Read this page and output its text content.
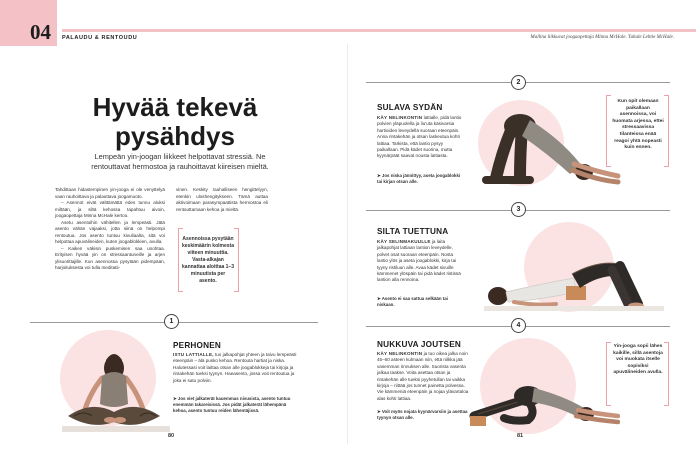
04 PALAUDU & RENTOUDU	Mallina liikkuvat joogaopettaja Minna McHale. Tuhale Lehtie McHale.
Hyvää tekevä
pysähdys
Lempeän yin-joogan liikkeet helpottavat stressiä. Ne rentouttavat hermostoa ja rauhoittavat kiireisen mieltä.

Tahdittaan hidastempinen yin-jooga ei ole venyttelyä vaan rauhoittava ja palauttava joogamuoto.

– Asennot eivät välttämättä edes tunnu aluksi miltään, ja siltä kehossa tapahtuu aivoin, joogaopettaja Minna McHale kertoo.

Asetu asentoihin vähitellen ja lempeästi. Jätä asento vähän vajaaksi, jotta siinä on helpompi rentoutua. Jos asento tuntuu kivuliaalta, sitä voi helpottaa apuvälineiden, kuten joogablokkien, avulla.

– Kaiken väkisin puskemisen saa unohtaa. Erityisen hyvää yin on stressaantuneille ja arjen ylisuorittajille. Kun asennossa pysytään pidempään, harjoituksesta voi tulla meditatii-

vinen. Keskity rauhalliseen hengittelyyn, etenkin uloshengitykseen. Tämä auttaa aktivoimaan parasympaattista hermostoa eli rentouttamaan kehoa ja mieltä.

Asennoissa pysytään keskimäärin kolmesta viiteen minuuttia. Vasta-alkajan kannattaa aloittaa 1–3 minuutista per asento.
1
PERHONEN
ISTU LATTIALLE, tuo jalkapohjat yhteen ja taivu lempeästi eteenpäin – älä pusko kehoa. Rentouta hartiat ja niska. Halutessasi voit laittaa otsan alle joogablokkeja tai kirjoja ja rintakehän tueksi tyynyn. Haeasento, jossa voit rentoutua ja joka ei satu polviin.
➤ Jos viet jalkaterät kauemmas nivusista, asento tuntuu enemmän takareisissä. Jos pidät jalkaterät lähempänä kehoa, asento tuntuu reiden lähentäjissä.
80
2
SULAVA SYDÄN
KÄY NELINKONTIN lattialle, pidä lantio polvien yläpuolella ja liu'uta käsivarsia hartioiden leveydellä suoraan eteenpäin. Anna rintakehän ja otsan laskeutua kohti lattiaa. Tarkista, että lantio pysyy paikallaan. Pidä kädet suorina, mutta kyynärpäät saavat nousta lattiasta.
➤ Jos niska jännittyy, aseta joogablokki tai kirjan otsan alle.
Kun opit olemaan paikallaan asennoissa, voi huomata arjessa, ettei stressaavissa tilanteissa enää reagoi yhtä nopeasti kuin ennen.
3
SILTA TUETTUNA
KÄY SELINMAKUULLE ja laita jalkapohjat lattiaan lantion leveydelle, polvet osat suoraan eteenpäin. Nosta lantio ylös ja aseta joogablokki, kirja tai tyyny ristiluun alle. Avaa kädet sivuille kämmenet ylöspäin tai pidä kädet ristissä lantion alla rennoina.
➤ Asento ei saa sattua selkään tai niskaan.
4
NUKKUVA JOUTSEN
KÄY NELINKONTIN ja tuo oikea jalka noin 45–60 asteen kulmaan niin, että nilkka jää vasemman rinnuksen alle. Suorista vasenta jalkaa taakse. Voita asettaa otsan ja rintakehän alle tueksi pyyhetullan tai vaikka kirjoja – riittää jos tunnet painetta polvessa. Vie kämmeniä eteenpäin ja nojaa ylävartaloa alas kohti lattiaa.
➤ Voit myös nojata kyynärvarsiin ja asettaa tyynyn otsan alle.
Yin-jooga sopii lähes kaikille, sillä asentoja voi muokata itselle sopiviksi apuvälineiden avulla.
81
